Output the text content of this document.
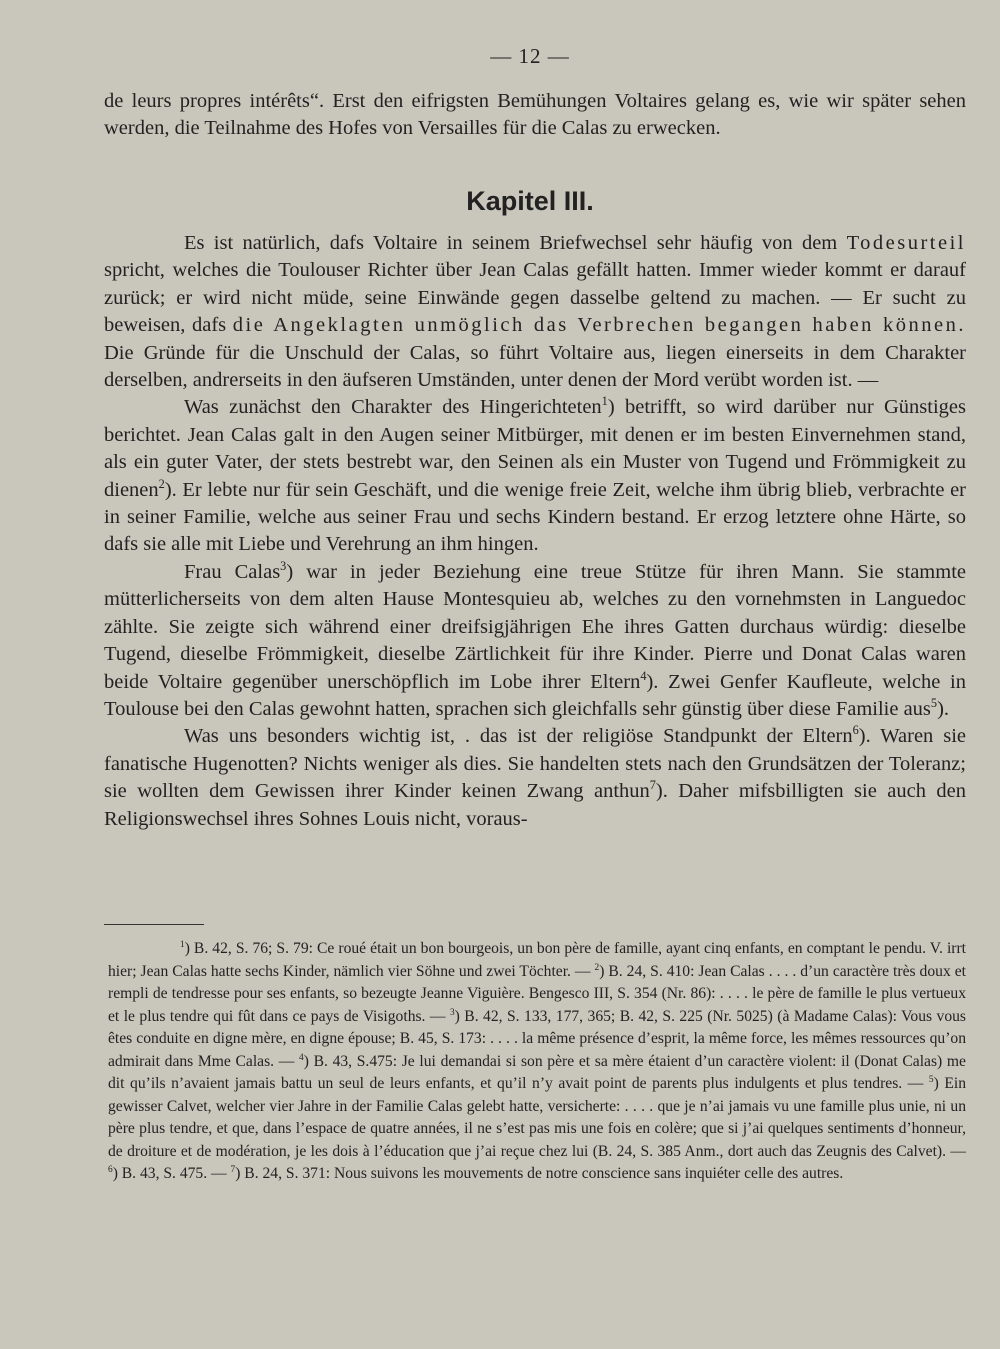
— 12 —

de leurs propres intérêts“. Erst den eifrigsten Bemühungen Voltaires gelang es, wie wir später sehen werden, die Teilnahme des Hofes von Versailles für die Calas zu erwecken.

Kapitel III.

Es ist natürlich, dafs Voltaire in seinem Briefwechsel sehr häufig von dem Todesurteil spricht, welches die Toulouser Richter über Jean Calas gefällt hatten. Immer wieder kommt er darauf zurück; er wird nicht müde, seine Einwände gegen dasselbe geltend zu machen. — Er sucht zu beweisen, dafs die Angeklagten unmöglich das Verbrechen begangen haben können. Die Gründe für die Unschuld der Calas, so führt Voltaire aus, liegen einerseits in dem Charakter derselben, andrerseits in den äufseren Umständen, unter denen der Mord verübt worden ist. —

Was zunächst den Charakter des Hingerichteten$^1$) betrifft, so wird darüber nur Günstiges berichtet. Jean Calas galt in den Augen seiner Mitbürger, mit denen er im besten Einvernehmen stand, als ein guter Vater, der stets bestrebt war, den Seinen als ein Muster von Tugend und Frömmigkeit zu dienen$^2$). Er lebte nur für sein Geschäft, und die wenige freie Zeit, welche ihm übrig blieb, verbrachte er in seiner Familie, welche aus seiner Frau und sechs Kindern bestand. Er erzog letztere ohne Härte, so dafs sie alle mit Liebe und Verehrung an ihm hingen.

Frau Calas$^3$) war in jeder Beziehung eine treue Stütze für ihren Mann. Sie stammte mütterlicherseits von dem alten Hause Montesquieu ab, welches zu den vornehmsten in Languedoc zählte. Sie zeigte sich während einer dreifsigjährigen Ehe ihres Gatten durchaus würdig: dieselbe Tugend, dieselbe Frömmigkeit, dieselbe Zärtlichkeit für ihre Kinder. Pierre und Donat Calas waren beide Voltaire gegenüber unerschöpflich im Lobe ihrer Eltern$^4$). Zwei Genfer Kaufleute, welche in Toulouse bei den Calas gewohnt hatten, sprachen sich gleichfalls sehr günstig über diese Familie aus$^5$).

Was uns besonders wichtig ist, . das ist der religiöse Standpunkt der Eltern$^6$). Waren sie fanatische Hugenotten? Nichts weniger als dies. Sie handelten stets nach den Grundsätzen der Toleranz; sie wollten dem Gewissen ihrer Kinder keinen Zwang anthun$^7$). Daher mifsbilligten sie auch den Religionswechsel ihres Sohnes Louis nicht, voraus-

$^1$) B. 42, S. 76; S. 79: Ce roué était un bon bourgeois, un bon père de famille, ayant cinq enfants, en comptant le pendu. V. irrt hier; Jean Calas hatte sechs Kinder, nämlich vier Söhne und zwei Töchter. — $^2$) B. 24, S. 410: Jean Calas . . . . d’un caractère très doux et rempli de tendresse pour ses enfants, so bezeugte Jeanne Viguière. Bengesco III, S. 354 (Nr. 86): . . . . le père de famille le plus vertueux et le plus tendre qui fût dans ce pays de Visigoths. — $^3$) B. 42, S. 133, 177, 365; B. 42, S. 225 (Nr. 5025) (à Madame Calas): Vous vous êtes conduite en digne mère, en digne épouse; B. 45, S. 173: . . . . la même présence d’esprit, la même force, les mêmes ressources qu’on admirait dans Mme Calas. — $^4$) B. 43, S.475: Je lui demandai si son père et sa mère étaient d’un caractère violent: il (Donat Calas) me dit qu’ils n’avaient jamais battu un seul de leurs enfants, et qu’il n’y avait point de parents plus indulgents et plus tendres. — $^5$) Ein gewisser Calvet, welcher vier Jahre in der Familie Calas gelebt hatte, versicherte: . . . . que je n’ai jamais vu une famille plus unie, ni un père plus tendre, et que, dans l’espace de quatre années, il ne s’est pas mis une fois en colère; que si j’ai quelques sentiments d’honneur, de droiture et de modération, je les dois à l’éducation que j’ai reçue chez lui (B. 24, S. 385 Anm., dort auch das Zeugnis des Calvet). — $^6$) B. 43, S. 475. — $^7$) B. 24, S. 371: Nous suivons les mouvements de notre conscience sans inquiéter celle des autres.
